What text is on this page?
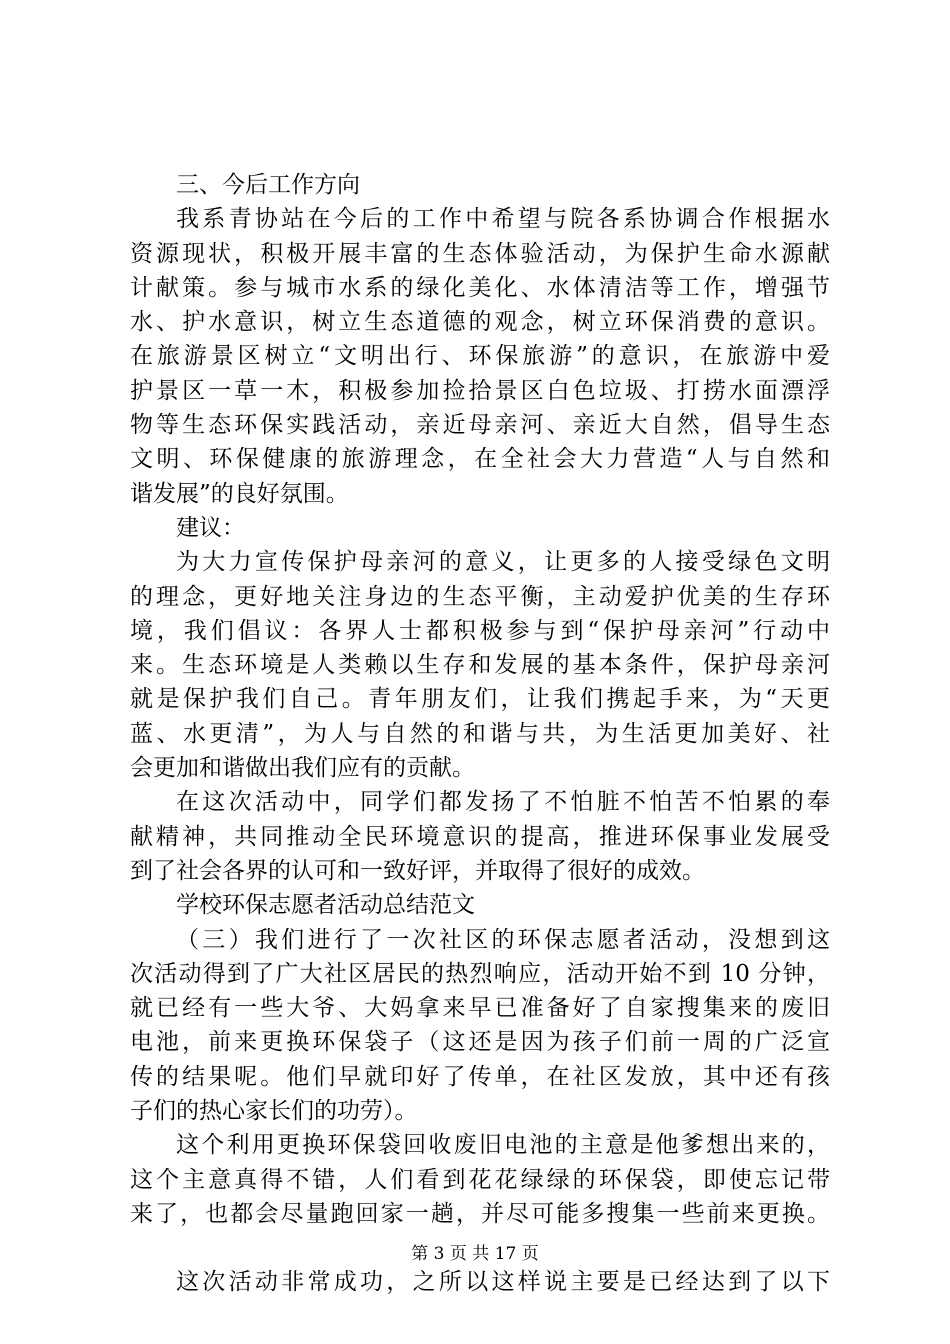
三、今后工作方向
我系青协站在今后的工作中希望与院各系协调合作根据水
资源现状，积极开展丰富的生态体验活动，为保护生命水源献
计献策。参与城市水系的绿化美化、水体清洁等工作，增强节
水、护水意识，树立生态道德的观念，树立环保消费的意识。
在旅游景区树立“文明出行、环保旅游”的意识，在旅游中爱
护景区一草一木，积极参加捡拾景区白色垃圾、打捞水面漂浮
物等生态环保实践活动，亲近母亲河、亲近大自然，倡导生态
文明、环保健康的旅游理念，在全社会大力营造“人与自然和
谐发展”的良好氛围。
建议：
为大力宣传保护母亲河的意义，让更多的人接受绿色文明
的理念，更好地关注身边的生态平衡，主动爱护优美的生存环
境，我们倡议：各界人士都积极参与到“保护母亲河”行动中
来。生态环境是人类赖以生存和发展的基本条件，保护母亲河
就是保护我们自己。青年朋友们，让我们携起手来，为“天更
蓝、水更清”，为人与自然的和谐与共，为生活更加美好、社
会更加和谐做出我们应有的贡献。
在这次活动中，同学们都发扬了不怕脏不怕苦不怕累的奉
献精神，共同推动全民环境意识的提高，推进环保事业发展受
到了社会各界的认可和一致好评，并取得了很好的成效。
学校环保志愿者活动总结范文
（三）我们进行了一次社区的环保志愿者活动，没想到这
次活动得到了广大社区居民的热烈响应，活动开始不到 10 分钟，
就已经有一些大爷、大妈拿来早已准备好了自家搜集来的废旧
电池，前来更换环保袋子（这还是因为孩子们前一周的广泛宣
传的结果呢。他们早就印好了传单，在社区发放，其中还有孩
子们的热心家长们的功劳）。
这个利用更换环保袋回收废旧电池的主意是他爹想出来的，
这个主意真得不错，人们看到花花绿绿的环保袋，即使忘记带
来了，也都会尽量跑回家一趟，并尽可能多搜集一些前来更换。
这次活动非常成功，之所以这样说主要是已经达到了以下
第 3 页 共 17 页
